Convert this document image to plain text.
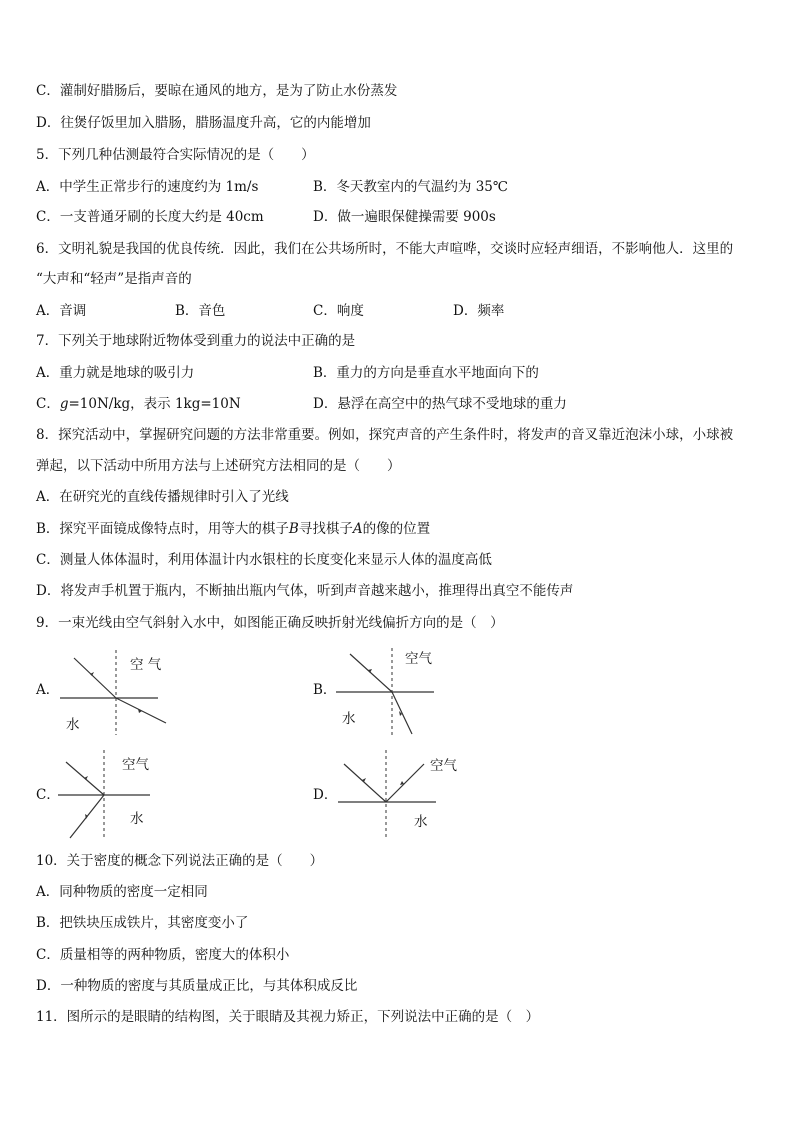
C．灌制好腊肠后，要晾在通风的地方，是为了防止水份蒸发
D．往煲仔饭里加入腊肠，腊肠温度升高，它的内能增加
5．下列几种估测最符合实际情况的是（　　）
A．中学生正常步行的速度约为 1m/s	B．冬天教室内的气温约为 35℃
C．一支普通牙刷的长度大约是 40cm	D．做一遍眼保健操需要 900s
6．文明礼貌是我国的优良传统．因此，我们在公共场所时，不能大声喧哗，交谈时应轻声细语，不影响他人．这里的
“大声和“轻声”是指声音的
A．音调	B．音色	C．响度	D．频率
7．下列关于地球附近物体受到重力的说法中正确的是
A．重力就是地球的吸引力	B．重力的方向是垂直水平地面向下的
C．g=10N/kg，表示 1kg=10N	D．悬浮在高空中的热气球不受地球的重力
8．探究活动中，掌握研究问题的方法非常重要。例如，探究声音的产生条件时，将发声的音叉靠近泡沫小球，小球被
弹起，以下活动中所用方法与上述研究方法相同的是（　　）
A．在研究光的直线传播规律时引入了光线
B．探究平面镜成像特点时，用等大的棋子B寻找棋子A的像的位置
C．测量人体体温时，利用体温计内水银柱的长度变化来显示人体的温度高低
D．将发声手机置于瓶内，不断抽出瓶内气体，听到声音越来越小，推理得出真空不能传声
9．一束光线由空气斜射入水中，如图能正确反映折射光线偏折方向的是（　）
A．
空 气
水
B．
空气
水
C．
空气
水
D．
空气
水
10．关于密度的概念下列说法正确的是（　　）
A．同种物质的密度一定相同
B．把铁块压成铁片，其密度变小了
C．质量相等的两种物质，密度大的体积小
D．一种物质的密度与其质量成正比，与其体积成反比
11．图所示的是眼睛的结构图，关于眼睛及其视力矫正，下列说法中正确的是（　）
